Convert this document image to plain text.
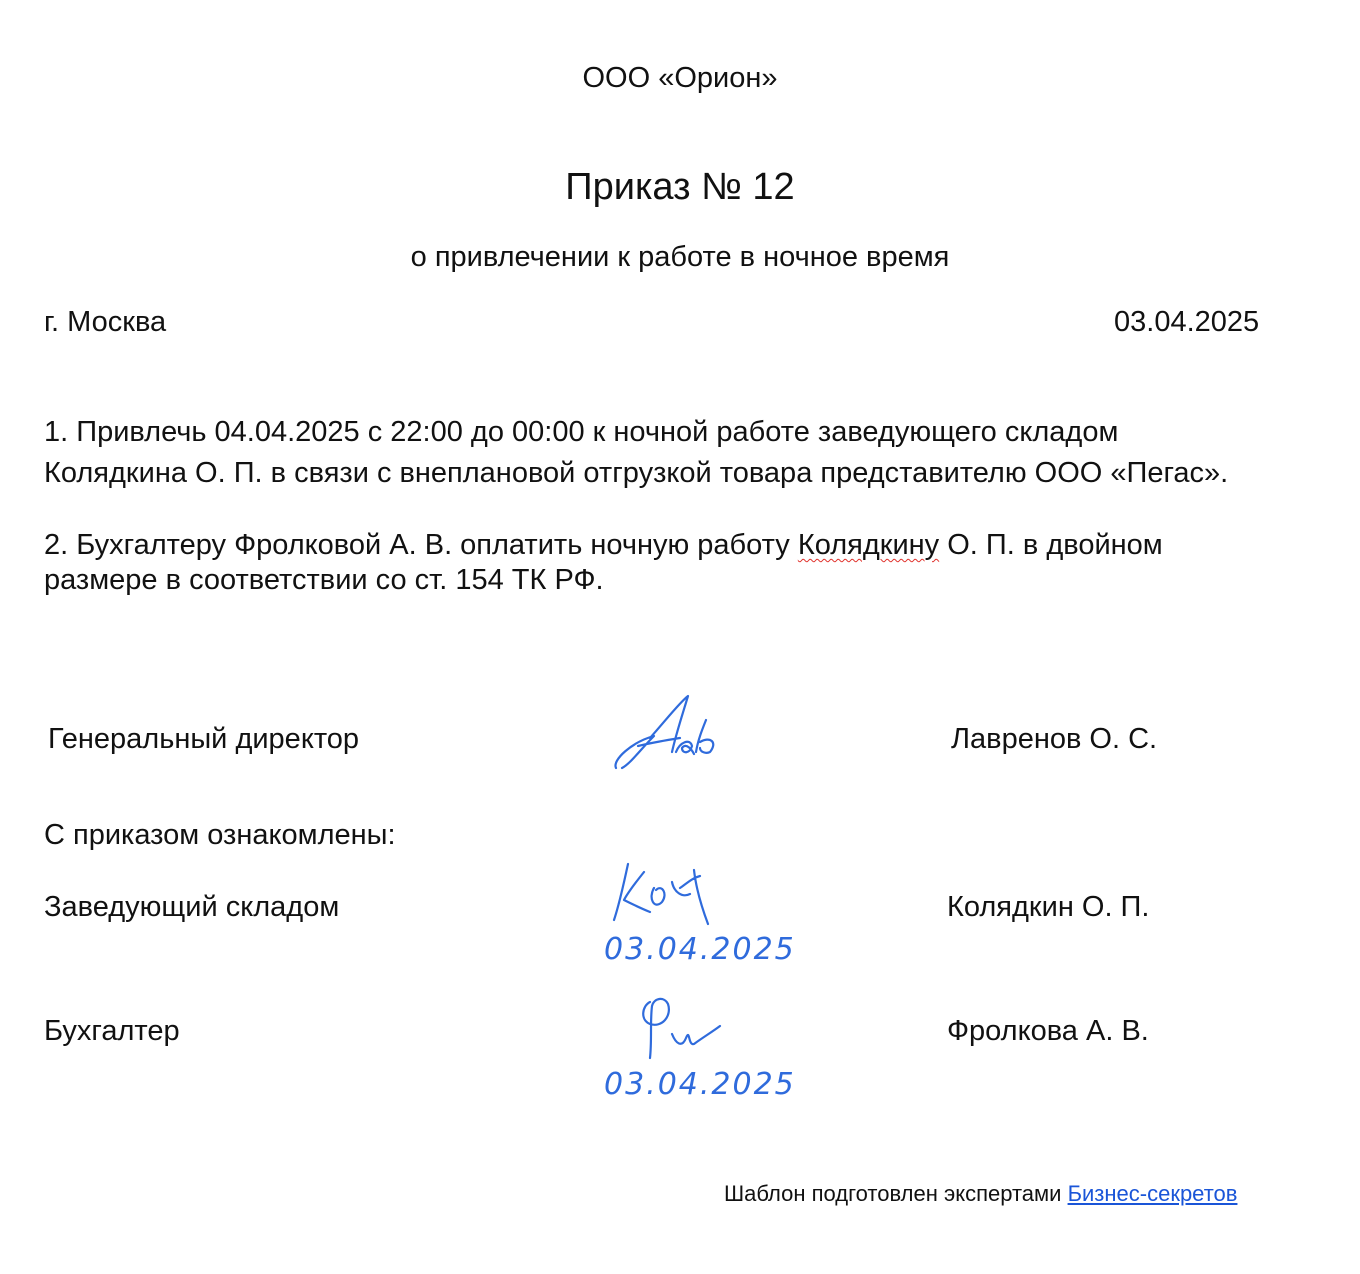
ООО «Орион»
Приказ № 12
о привлечении к работе в ночное время
г. Москва	03.04.2025
1. Привлечь 04.04.2025 с 22:00 до 00:00 к ночной работе заведующего складом
Колядкина О. П. в связи с внеплановой отгрузкой товара представителю ООО «Пегас».
2. Бухгалтеру Фролковой А. В. оплатить ночную работу Колядкину О. П. в двойном
размере в соответствии со ст. 154 ТК РФ.
Генеральный директор	Лавренов О. С.
С приказом ознакомлены:
Заведующий складом
03.04.2025
Колядкин О. П.
Бухгалтер
03.04.2025
Фролкова А. В.
Шаблон подготовлен экспертами Бизнес-секретов
